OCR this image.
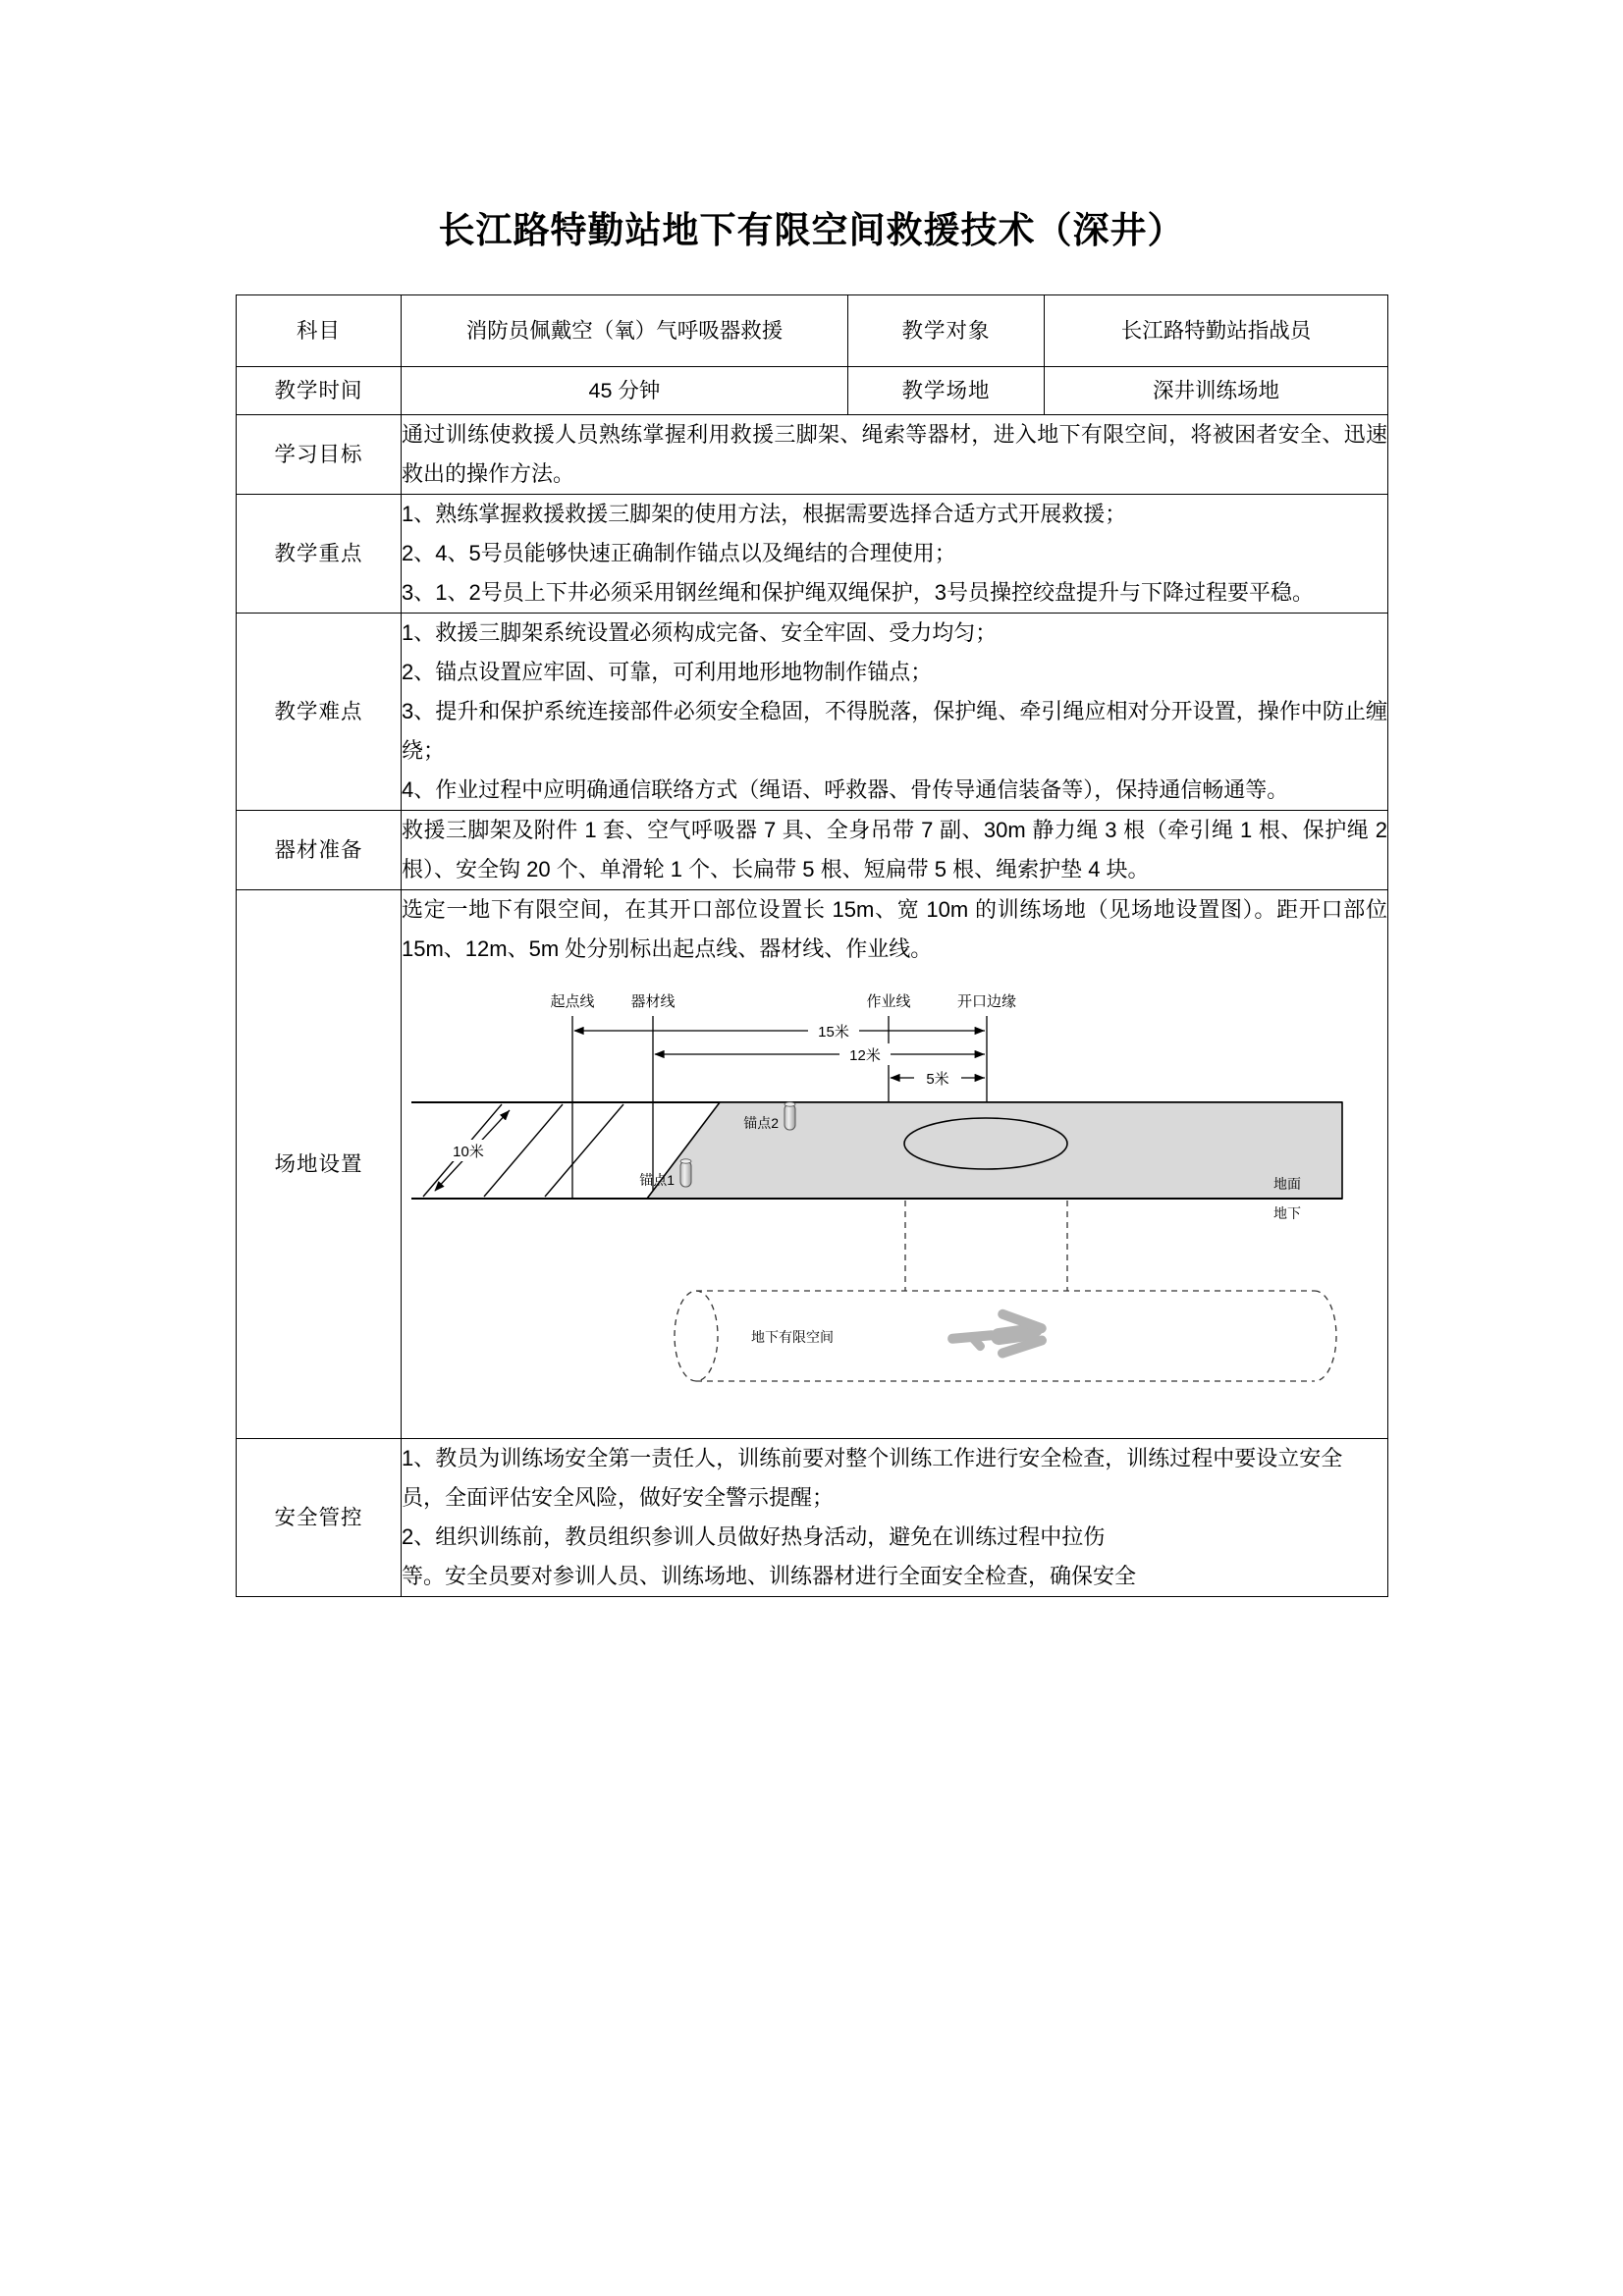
长江路特勤站地下有限空间救援技术（深井）
科目	消防员佩戴空（氧）气呼吸器救援	教学对象	长江路特勤站指战员
教学时间	45 分钟	教学场地	深井训练场地
学习目标	通过训练使救援人员熟练掌握利用救援三脚架、绳索等器材，进入地下有限空间，将被困者安全、迅速救出的操作方法。		

教学重点	1、熟练掌握救援救援三脚架的使用方法，根据需要选择合适方式开展救援；

2、4、5号员能够快速正确制作锚点以及绳结的合理使用；

3、1、2号员上下井必须采用钢丝绳和保护绳双绳保护，3号员操控绞盘提升与下降过程要平稳。		

教学难点	1、救援三脚架系统设置必须构成完备、安全牢固、受力均匀；

2、锚点设置应牢固、可靠，可利用地形地物制作锚点；

3、提升和保护系统连接部件必须安全稳固，不得脱落，保护绳、牵引绳应相对分开设置，操作中防止缠绕；

4、作业过程中应明确通信联络方式（绳语、呼救器、骨传导通信装备等），保持通信畅通等。		

器材准备	救援三脚架及附件 1 套、空气呼吸器 7 具、全身吊带 7 副、30m 静力绳 3 根（牵引绳 1 根、保护绳 2 根）、安全钩 20 个、单滑轮 1 个、长扁带 5 根、短扁带 5 根、绳索护垫 4 块。		

场地设置	

选定一地下有限空间，在其开口部位设置长 15m、宽 10m 的训练场地（见场地设置图）。距开口部位 15m、12m、5m 处分别标出起点线、器材线、作业线。

起点线 器材线	作业线	开口边缘
15米
12米
5米
10米
锚点2
锚点1	地面
地下
地下有限空间

安全管控	1、教员为训练场安全第一责任人，训练前要对整个训练工作进行安全检查，训练过程中要设立安全

员，全面评估安全风险，做好安全警示提醒；

2、组织训练前，教员组织参训人员做好热身活动，避免在训练过程中拉伤

等。安全员要对参训人员、训练场地、训练器材进行全面安全检查，确保安全		
